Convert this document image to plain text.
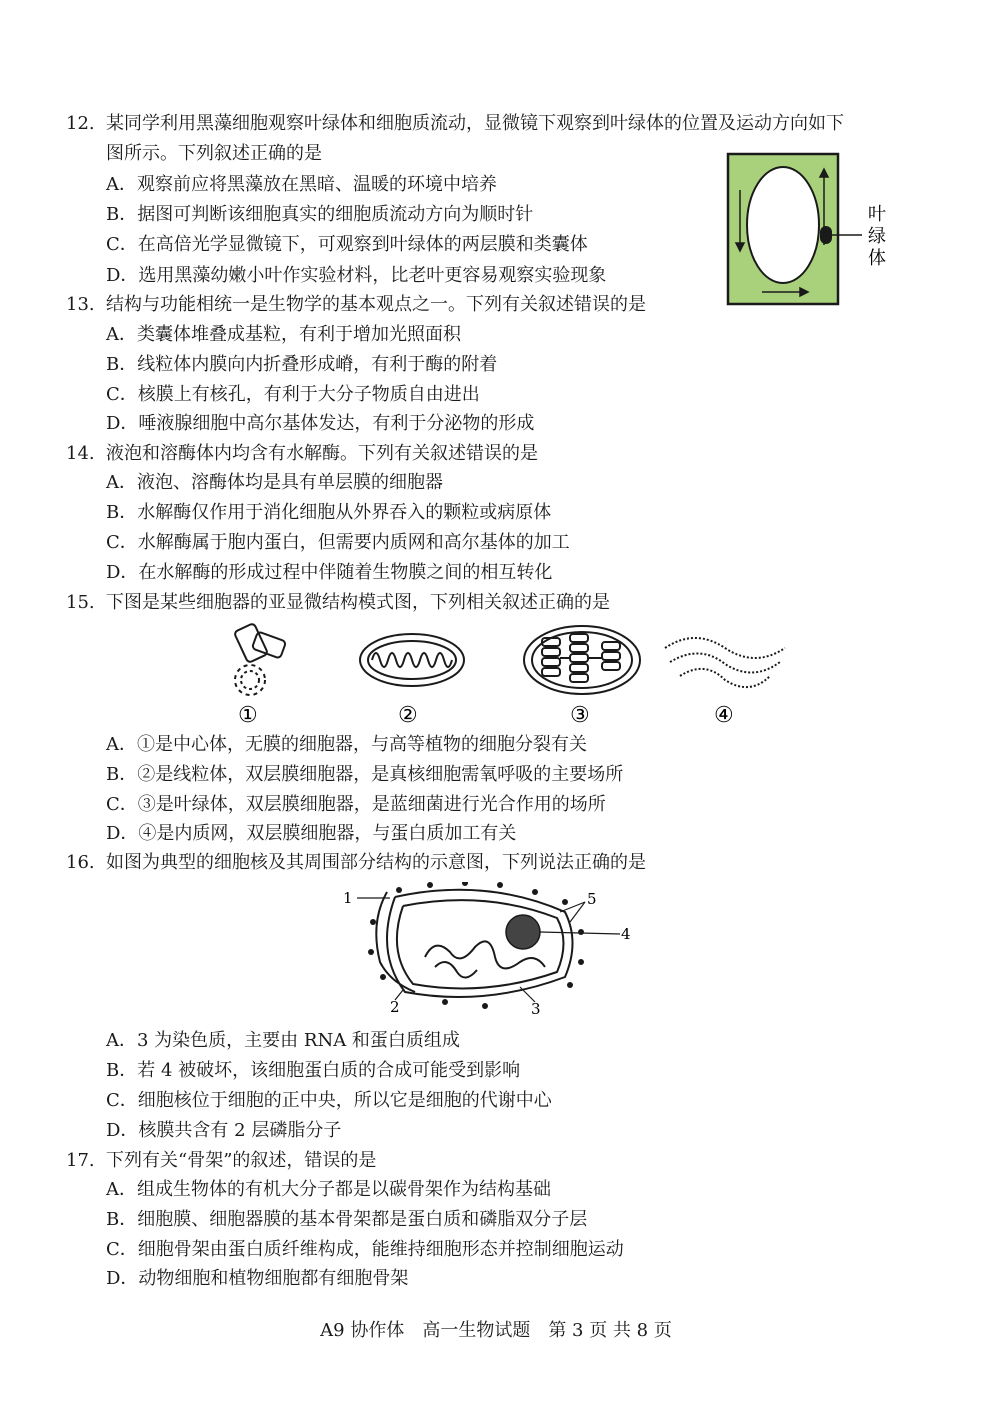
12. 某同学利用黑藻细胞观察叶绿体和细胞质流动，显微镜下观察到叶绿体的位置及运动方向如下
图所示。下列叙述正确的是
A．观察前应将黑藻放在黑暗、温暖的环境中培养
B．据图可判断该细胞真实的细胞质流动方向为顺时针
C．在高倍光学显微镜下，可观察到叶绿体的两层膜和类囊体
D．选用黑藻幼嫩小叶作实验材料，比老叶更容易观察实验现象
叶
绿
体
13. 结构与功能相统一是生物学的基本观点之一。下列有关叙述错误的是
A．类囊体堆叠成基粒，有利于增加光照面积
B．线粒体内膜向内折叠形成嵴，有利于酶的附着
C．核膜上有核孔，有利于大分子物质自由进出
D．唾液腺细胞中高尔基体发达，有利于分泌物的形成
14. 液泡和溶酶体内均含有水解酶。下列有关叙述错误的是
A．液泡、溶酶体均是具有单层膜的细胞器
B．水解酶仅作用于消化细胞从外界吞入的颗粒或病原体
C．水解酶属于胞内蛋白，但需要内质网和高尔基体的加工
D．在水解酶的形成过程中伴随着生物膜之间的相互转化
15. 下图是某些细胞器的亚显微结构模式图，下列相关叙述正确的是
①	②	③	④
A．①是中心体，无膜的细胞器，与高等植物的细胞分裂有关
B．②是线粒体，双层膜细胞器，是真核细胞需氧呼吸的主要场所
C．③是叶绿体，双层膜细胞器，是蓝细菌进行光合作用的场所
D．④是内质网，双层膜细胞器，与蛋白质加工有关
16. 如图为典型的细胞核及其周围部分结构的示意图，下列说法正确的是
1
2	3
4
5
A．3 为染色质，主要由 RNA 和蛋白质组成
B．若 4 被破坏，该细胞蛋白质的合成可能受到影响
C．细胞核位于细胞的正中央，所以它是细胞的代谢中心
D．核膜共含有 2 层磷脂分子
17. 下列有关“骨架”的叙述，错误的是
A．组成生物体的有机大分子都是以碳骨架作为结构基础
B．细胞膜、细胞器膜的基本骨架都是蛋白质和磷脂双分子层
C．细胞骨架由蛋白质纤维构成，能维持细胞形态并控制细胞运动
D．动物细胞和植物细胞都有细胞骨架
A9 协作体　高一生物试题　第 3 页 共 8 页
